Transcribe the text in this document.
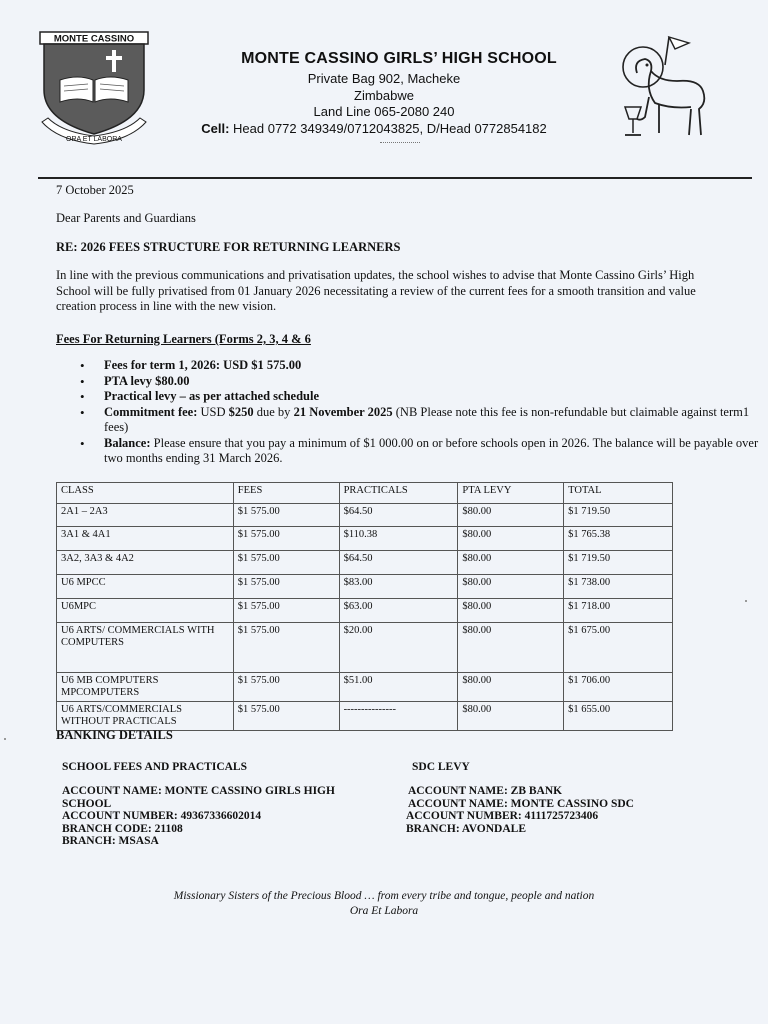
MONTE CASSINO
ORA ET LABORA
MONTE CASSINO GIRLS’ HIGH SCHOOL
Private Bag 902, Macheke
Zimbabwe
Land Line 065-2080 240
Cell: Head 0772 349349/0712043825, D/Head 0772854182
7 October 2025
Dear Parents and Guardians
RE: 2026 FEES STRUCTURE FOR RETURNING LEARNERS
In line with the previous communications and privatisation updates, the school wishes to advise that Monte Cassino Girls’ High School will be fully privatised from 01 January 2026 necessitating a review of the current fees for a smooth transition and value creation process in line with the new vision.
Fees For Returning Learners (Forms 2, 3, 4 & 6
• Fees for term 1, 2026: USD $1 575.00
• PTA levy $80.00
• Practical levy – as per attached schedule
• Commitment fee: USD $250 due by 21 November 2025 (NB Please note this fee is non-refundable but claimable against term1 fees)
• Balance: Please ensure that you pay a minimum of $1 000.00 on or before schools open in 2026. The balance will be payable over two months ending 31 March 2026.
CLASS	FEES	PRACTICALS	PTA LEVY	TOTAL
2A1 – 2A3	$1 575.00	$64.50	$80.00	$1 719.50
3A1 & 4A1	$1 575.00	$110.38	$80.00	$1 765.38
3A2, 3A3 & 4A2	$1 575.00	$64.50	$80.00	$1 719.50
U6 MPCC	$1 575.00	$83.00	$80.00	$1 738.00
U6MPC	$1 575.00	$63.00	$80.00	$1 718.00
U6 ARTS/ COMMERCIALS WITH COMPUTERS	$1 575.00	$20.00	$80.00	$1 675.00
U6 MB COMPUTERS MPCOMPUTERS	$1 575.00	$51.00	$80.00	$1 706.00
U6 ARTS/COMMERCIALS WITHOUT PRACTICALS	$1 575.00	---------------	$80.00	$1 655.00
BANKING DETAILS
SCHOOL FEES AND PRACTICALS
ACCOUNT NAME: MONTE CASSINO GIRLS HIGH SCHOOL
ACCOUNT NUMBER: 49367336602014
BRANCH CODE: 21108
BRANCH: MSASA
SDC LEVY
ACCOUNT NAME: ZB BANK
ACCOUNT NAME: MONTE CASSINO SDC
ACCOUNT NUMBER: 4111725723406
BRANCH: AVONDALE
Missionary Sisters of the Precious Blood … from every tribe and tongue, people and nation
Ora Et Labora
